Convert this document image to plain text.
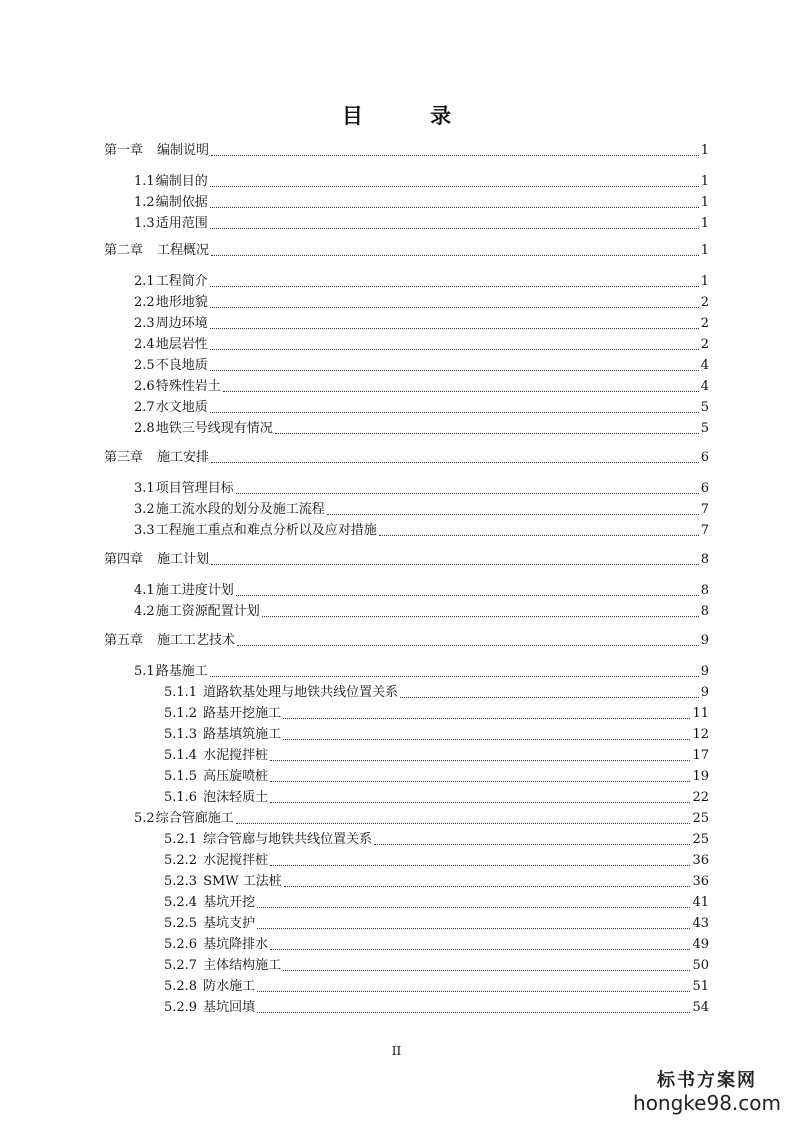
目 录
第一章 编制说明	1
1.1 编制目的	1
1.2 编制依据	1
1.3 适用范围	1
第二章 工程概况	1
2.1 工程简介	1
2.2 地形地貌	2
2.3 周边环境	2
2.4 地层岩性	2
2.5 不良地质	4
2.6 特殊性岩土	4
2.7 水文地质	5
2.8 地铁三号线现有情况	5
第三章 施工安排	6
3.1 项目管理目标	6
3.2 施工流水段的划分及施工流程	7
3.3 工程施工重点和难点分析以及应对措施	7
第四章 施工计划	8
4.1 施工进度计划	8
4.2 施工资源配置计划	8
第五章 施工工艺技术	9
5.1 路基施工	9
5.1.1 道路软基处理与地铁共线位置关系	9
5.1.2 路基开挖施工	11
5.1.3 路基填筑施工	12
5.1.4 水泥搅拌桩	17
5.1.5 高压旋喷桩	19
5.1.6 泡沫轻质土	22
5.2 综合管廊施工	25
5.2.1 综合管廊与地铁共线位置关系	25
5.2.2 水泥搅拌桩	36
5.2.3 SMW 工法桩	36
5.2.4 基坑开挖	41
5.2.5 基坑支护	43
5.2.6 基坑降排水	49
5.2.7 主体结构施工	50
5.2.8 防水施工	51
5.2.9 基坑回填	54
II
标书方案网
hongke98.com
